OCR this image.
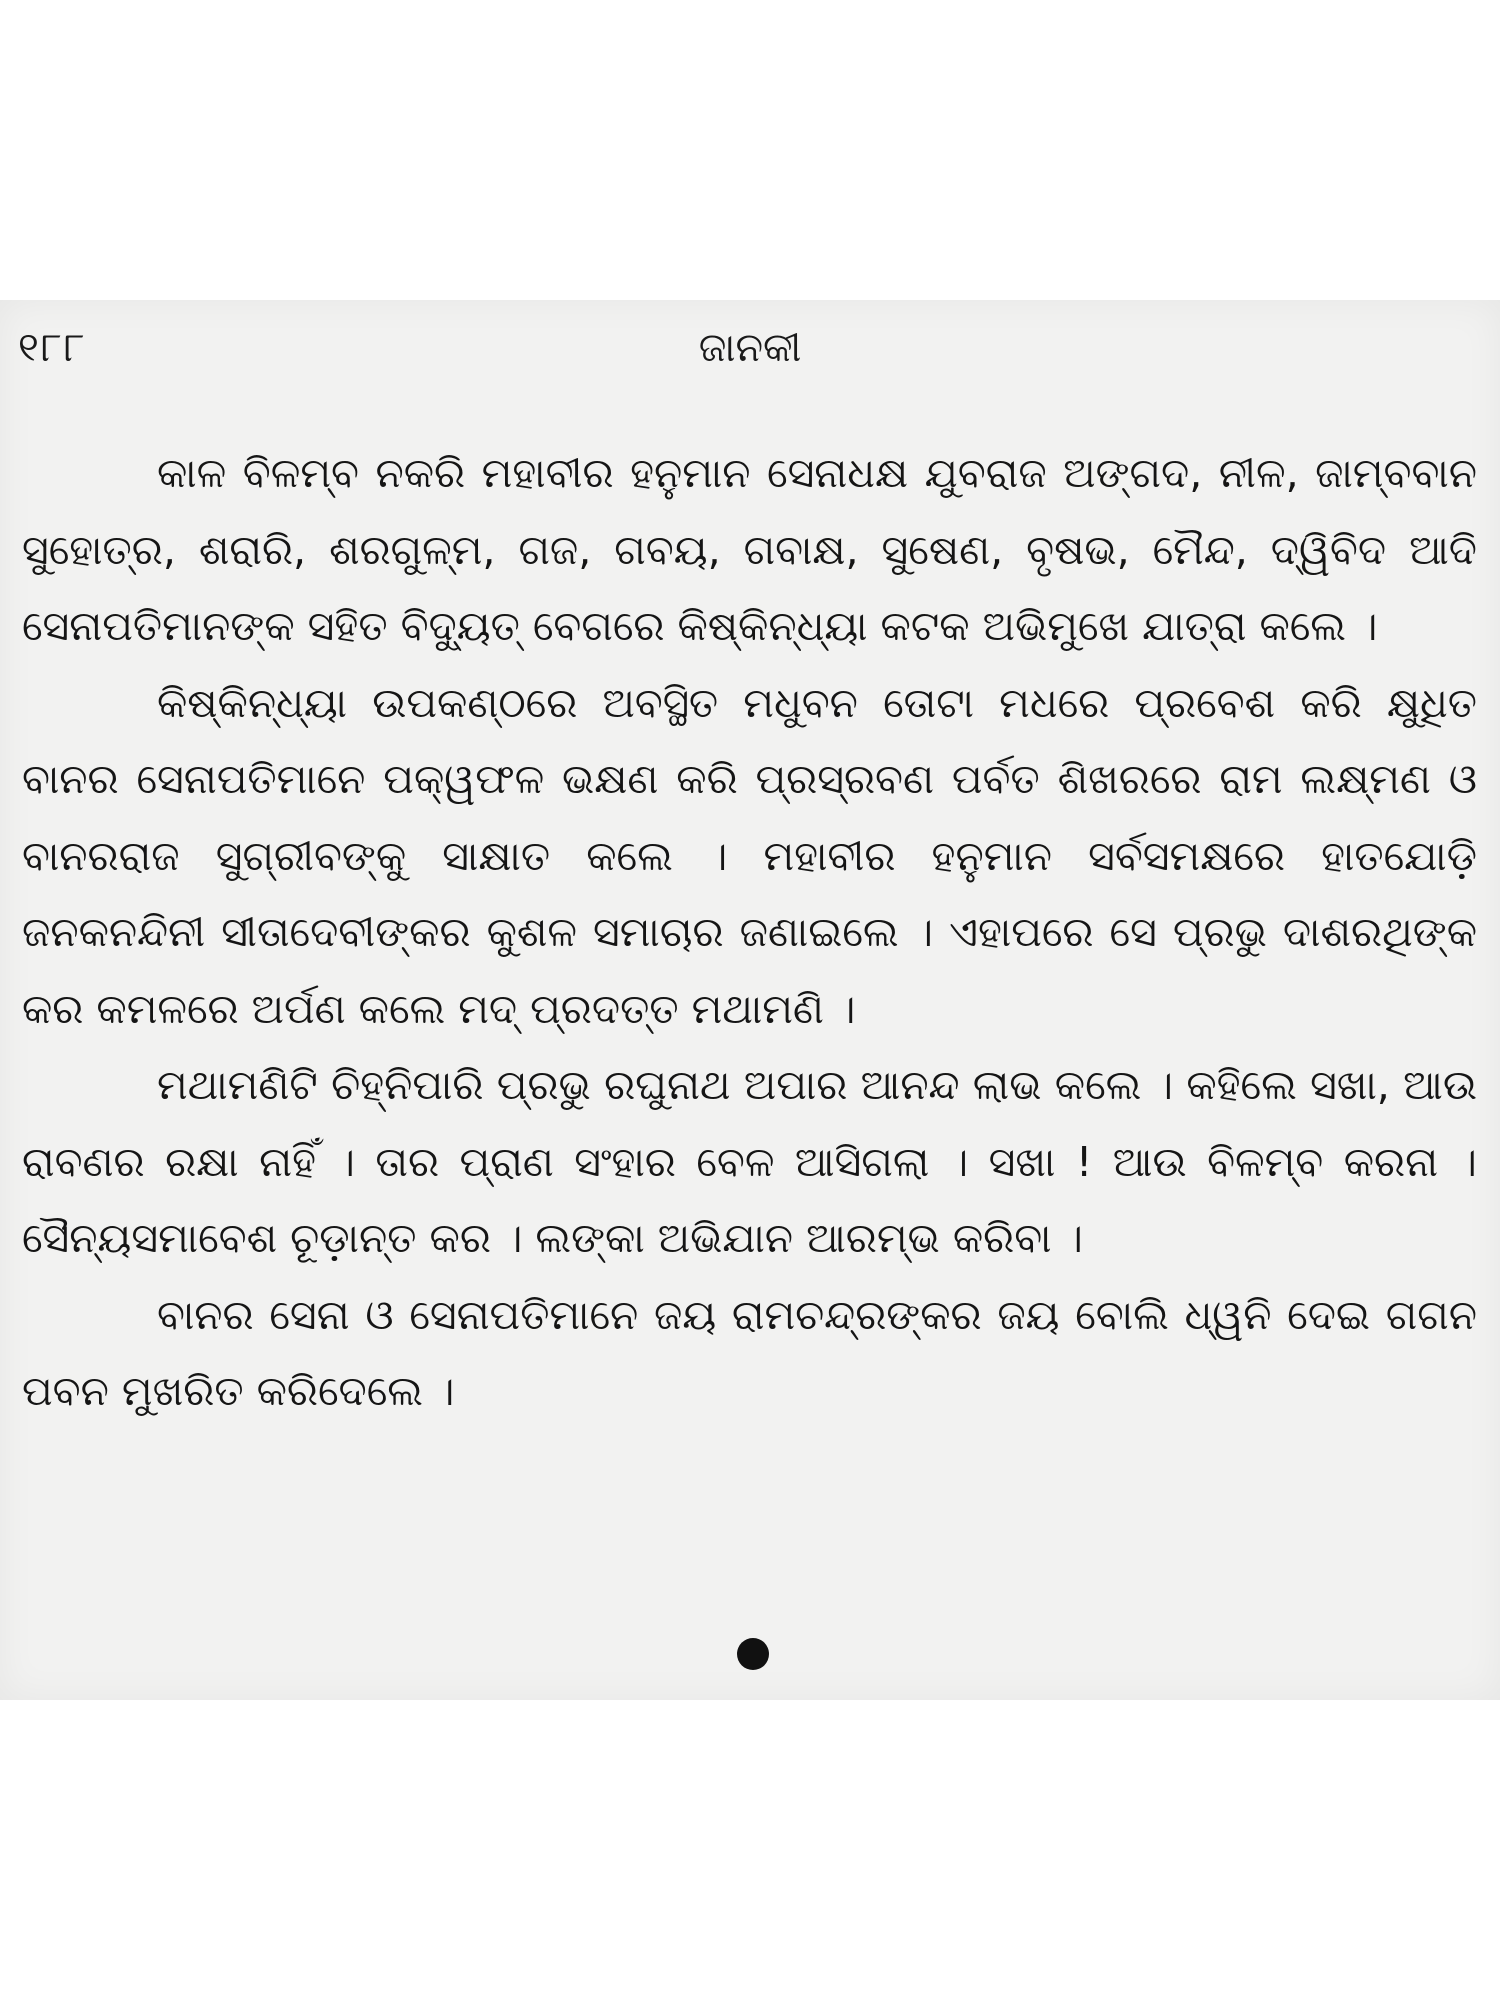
୧୮୮	ଜାନକୀ

କାଳ ବିଳମ୍ବ ନକରି ମହାବୀର ହନୁମାନ ସେନାଧକ୍ଷ ଯୁବରାଜ ଅଙ୍ଗଦ, ନୀଳ, ଜାମ୍ବବାନ ସୁହୋତ୍ର, ଶରାରି, ଶରଗୁଳ୍ମ, ଗଜ, ଗବୟ, ଗବାକ୍ଷ, ସୁଷେଣ, ବୃଷଭ, ମୈନ୍ଦ, ଦ୍ୱିବିଦ ଆଦି ସେନାପତିମାନଙ୍କ ସହିତ ବିଦ୍ୟୁତ୍ ବେଗରେ କିଷ୍କିନ୍ଧ୍ୟା କଟକ ଅଭିମୁଖେ ଯାତ୍ରା କଲେ ।

କିଷ୍କିନ୍ଧ୍ୟା ଉପକଣ୍ଠରେ ଅବସ୍ଥିତ ମଧୁବନ ତୋଟା ମଧରେ ପ୍ରବେଶ କରି କ୍ଷୁଧିତ ବାନର ସେନାପତିମାନେ ପକ୍ୱଫଳ ଭକ୍ଷଣ କରି ପ୍ରସ୍ରବଣ ପର୍ବତ ଶିଖରରେ ରାମ ଲକ୍ଷ୍ମଣ ଓ ବାନରରାଜ ସୁଗ୍ରୀବଙ୍କୁ ସାକ୍ଷାତ କଲେ । ମହାବୀର ହନୁମାନ ସର୍ବସମକ୍ଷରେ ହାତଯୋଡ଼ି ଜନକନନ୍ଦିନୀ ସୀତାଦେବୀଙ୍କର କୁଶଳ ସମାଚାର ଜଣାଇଲେ । ଏହାପରେ ସେ ପ୍ରଭୁ ଦାଶରଥିଙ୍କ କର କମଳରେ ଅର୍ପଣ କଲେ ମଦ୍ ପ୍ରଦତ୍ତ ମଥାମଣି ।

ମଥାମଣିଟି ଚିହ୍ନିପାରି ପ୍ରଭୁ ରଘୁନାଥ ଅପାର ଆନନ୍ଦ ଲାଭ କଲେ । କହିଲେ ସଖା, ଆଉ ରାବଣର ରକ୍ଷା ନାହିଁ । ତାର ପ୍ରାଣ ସଂହାର ବେଳ ଆସିଗଲା । ସଖା ! ଆଉ ବିଳମ୍ବ କରନା । ସୈନ୍ୟସମାବେଶ ଚୂଡ଼ାନ୍ତ କର । ଲଙ୍କା ଅଭିଯାନ ଆରମ୍ଭ କରିବା ।

ବାନର ସେନା ଓ ସେନାପତିମାନେ ଜୟ ରାମଚନ୍ଦ୍ରଙ୍କର ଜୟ ବୋଲି ଧ୍ୱନି ଦେଇ ଗଗନ ପବନ ମୁଖରିତ କରିଦେଲେ ।
